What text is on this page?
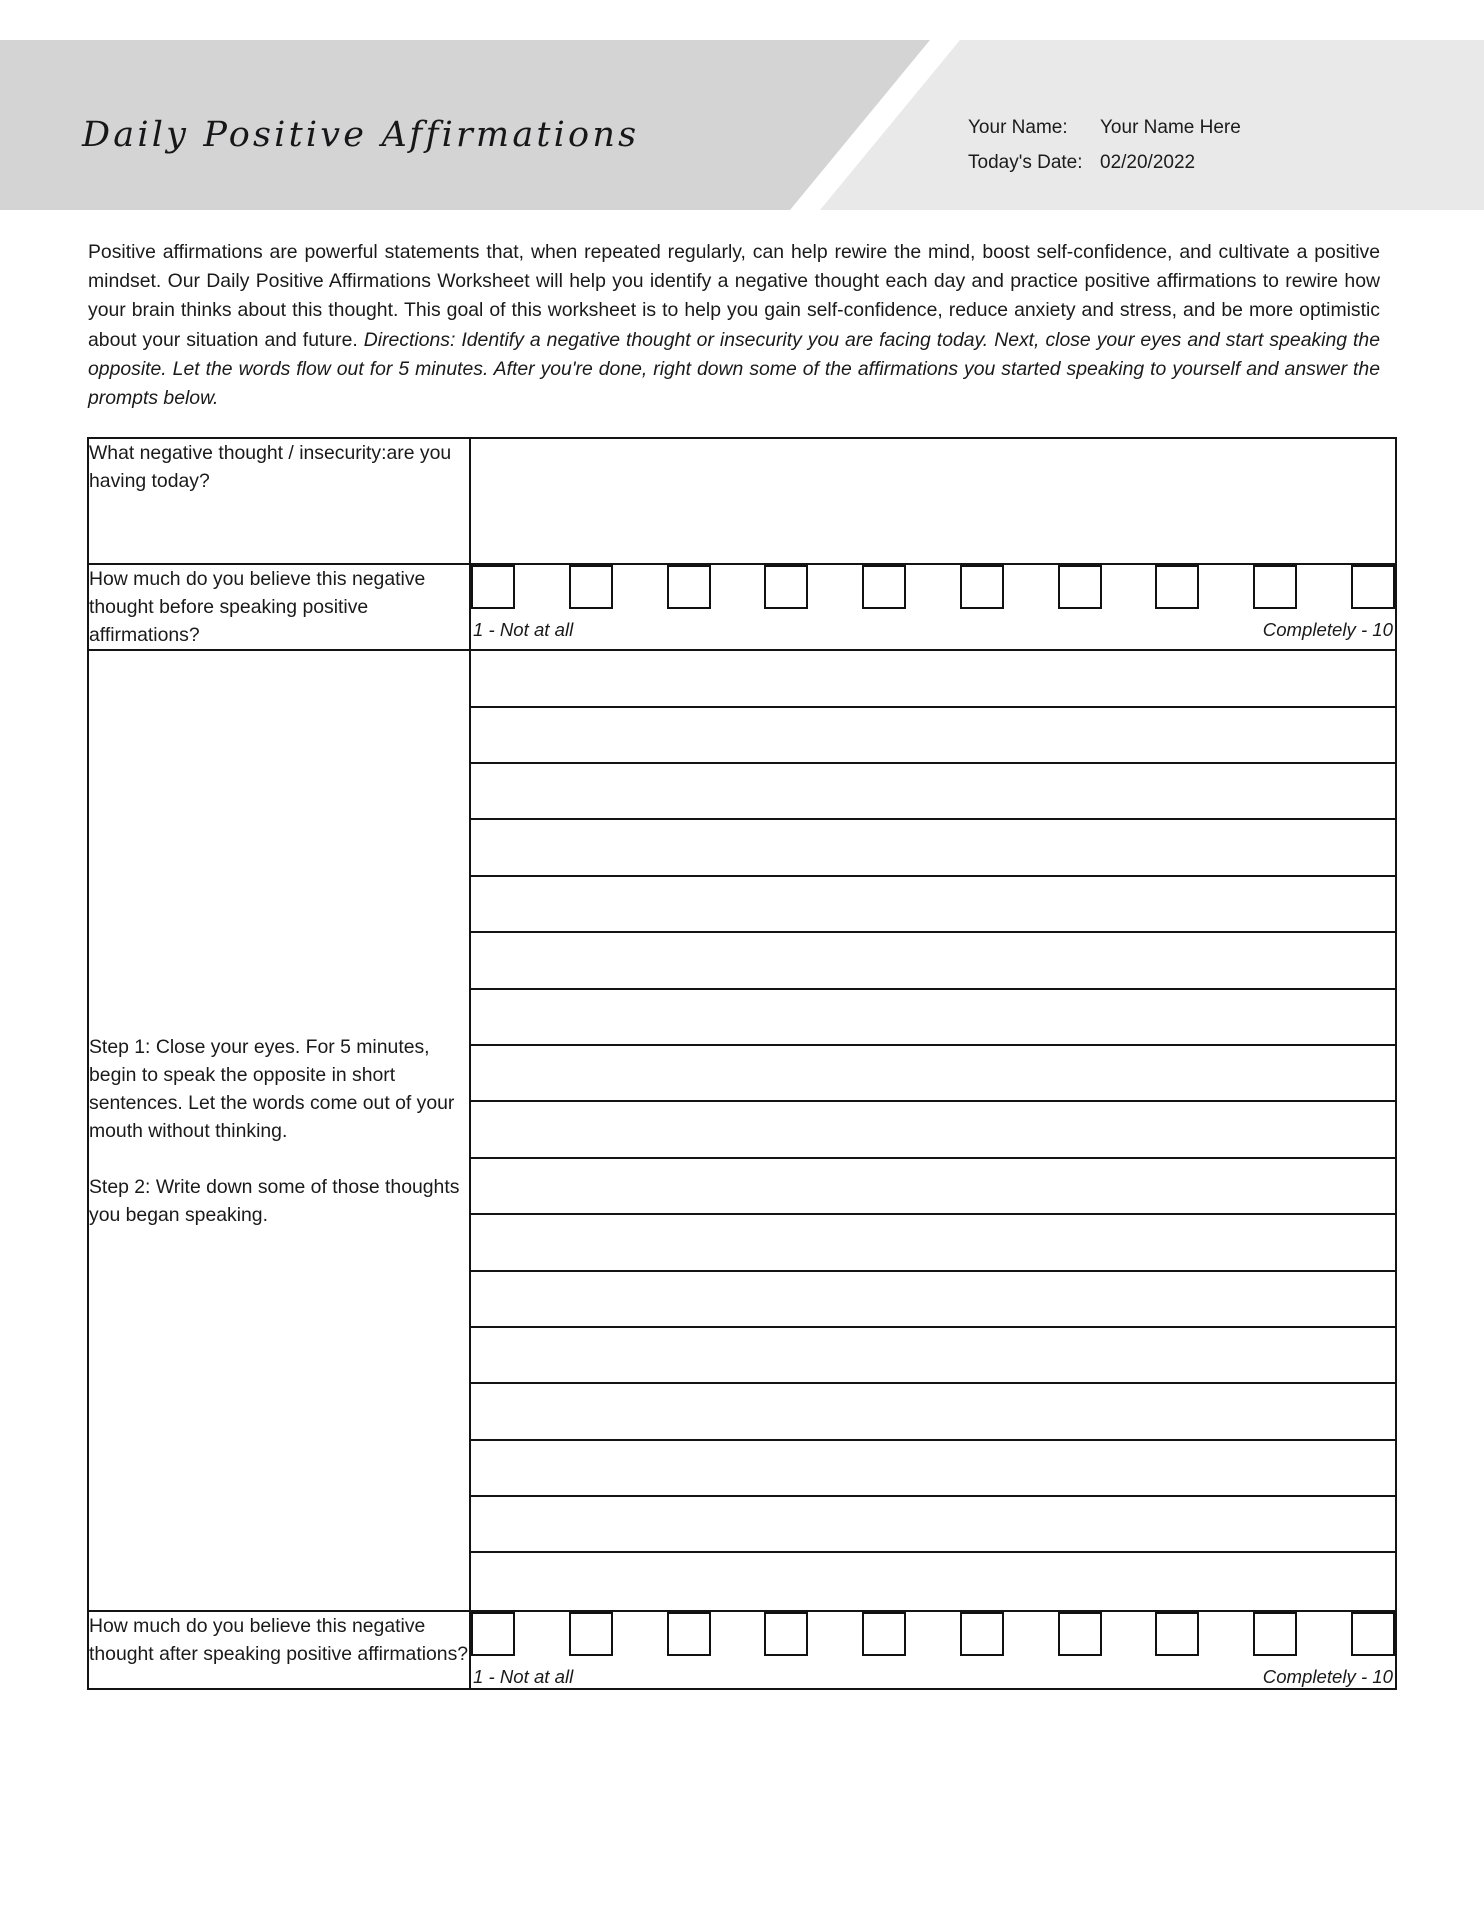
Daily Positive Affirmations	Your Name:	Your Name Here
Today's Date: 02/20/2022
Positive affirmations are powerful statements that, when repeated regularly, can help rewire the mind, boost self-confidence, and cultivate a positive mindset. Our Daily Positive Affirmations Worksheet will help you identify a negative thought each day and practice positive affirmations to rewire how your brain thinks about this thought. This goal of this worksheet is to help you gain self-confidence, reduce anxiety and stress, and be more optimistic about your situation and future. Directions: Identify a negative thought or insecurity you are facing today. Next, close your eyes and start speaking the opposite. Let the words flow out for 5 minutes. After you're done, right down some of the affirmations you started speaking to yourself and answer the prompts below.
What negative thought / insecurity:are you having today?	
How much do you believe this negative thought before speaking positive affirmations?	1 - Not at all Completely - 10

Step 1: Close your eyes. For 5 minutes, begin to speak the opposite in short sentences. Let the words come out of your mouth without thinking.

Step 2: Write down some of those thoughts you began speaking.	

How much do you believe this negative thought after speaking positive affirmations?	1 - Not at all Completely - 10
